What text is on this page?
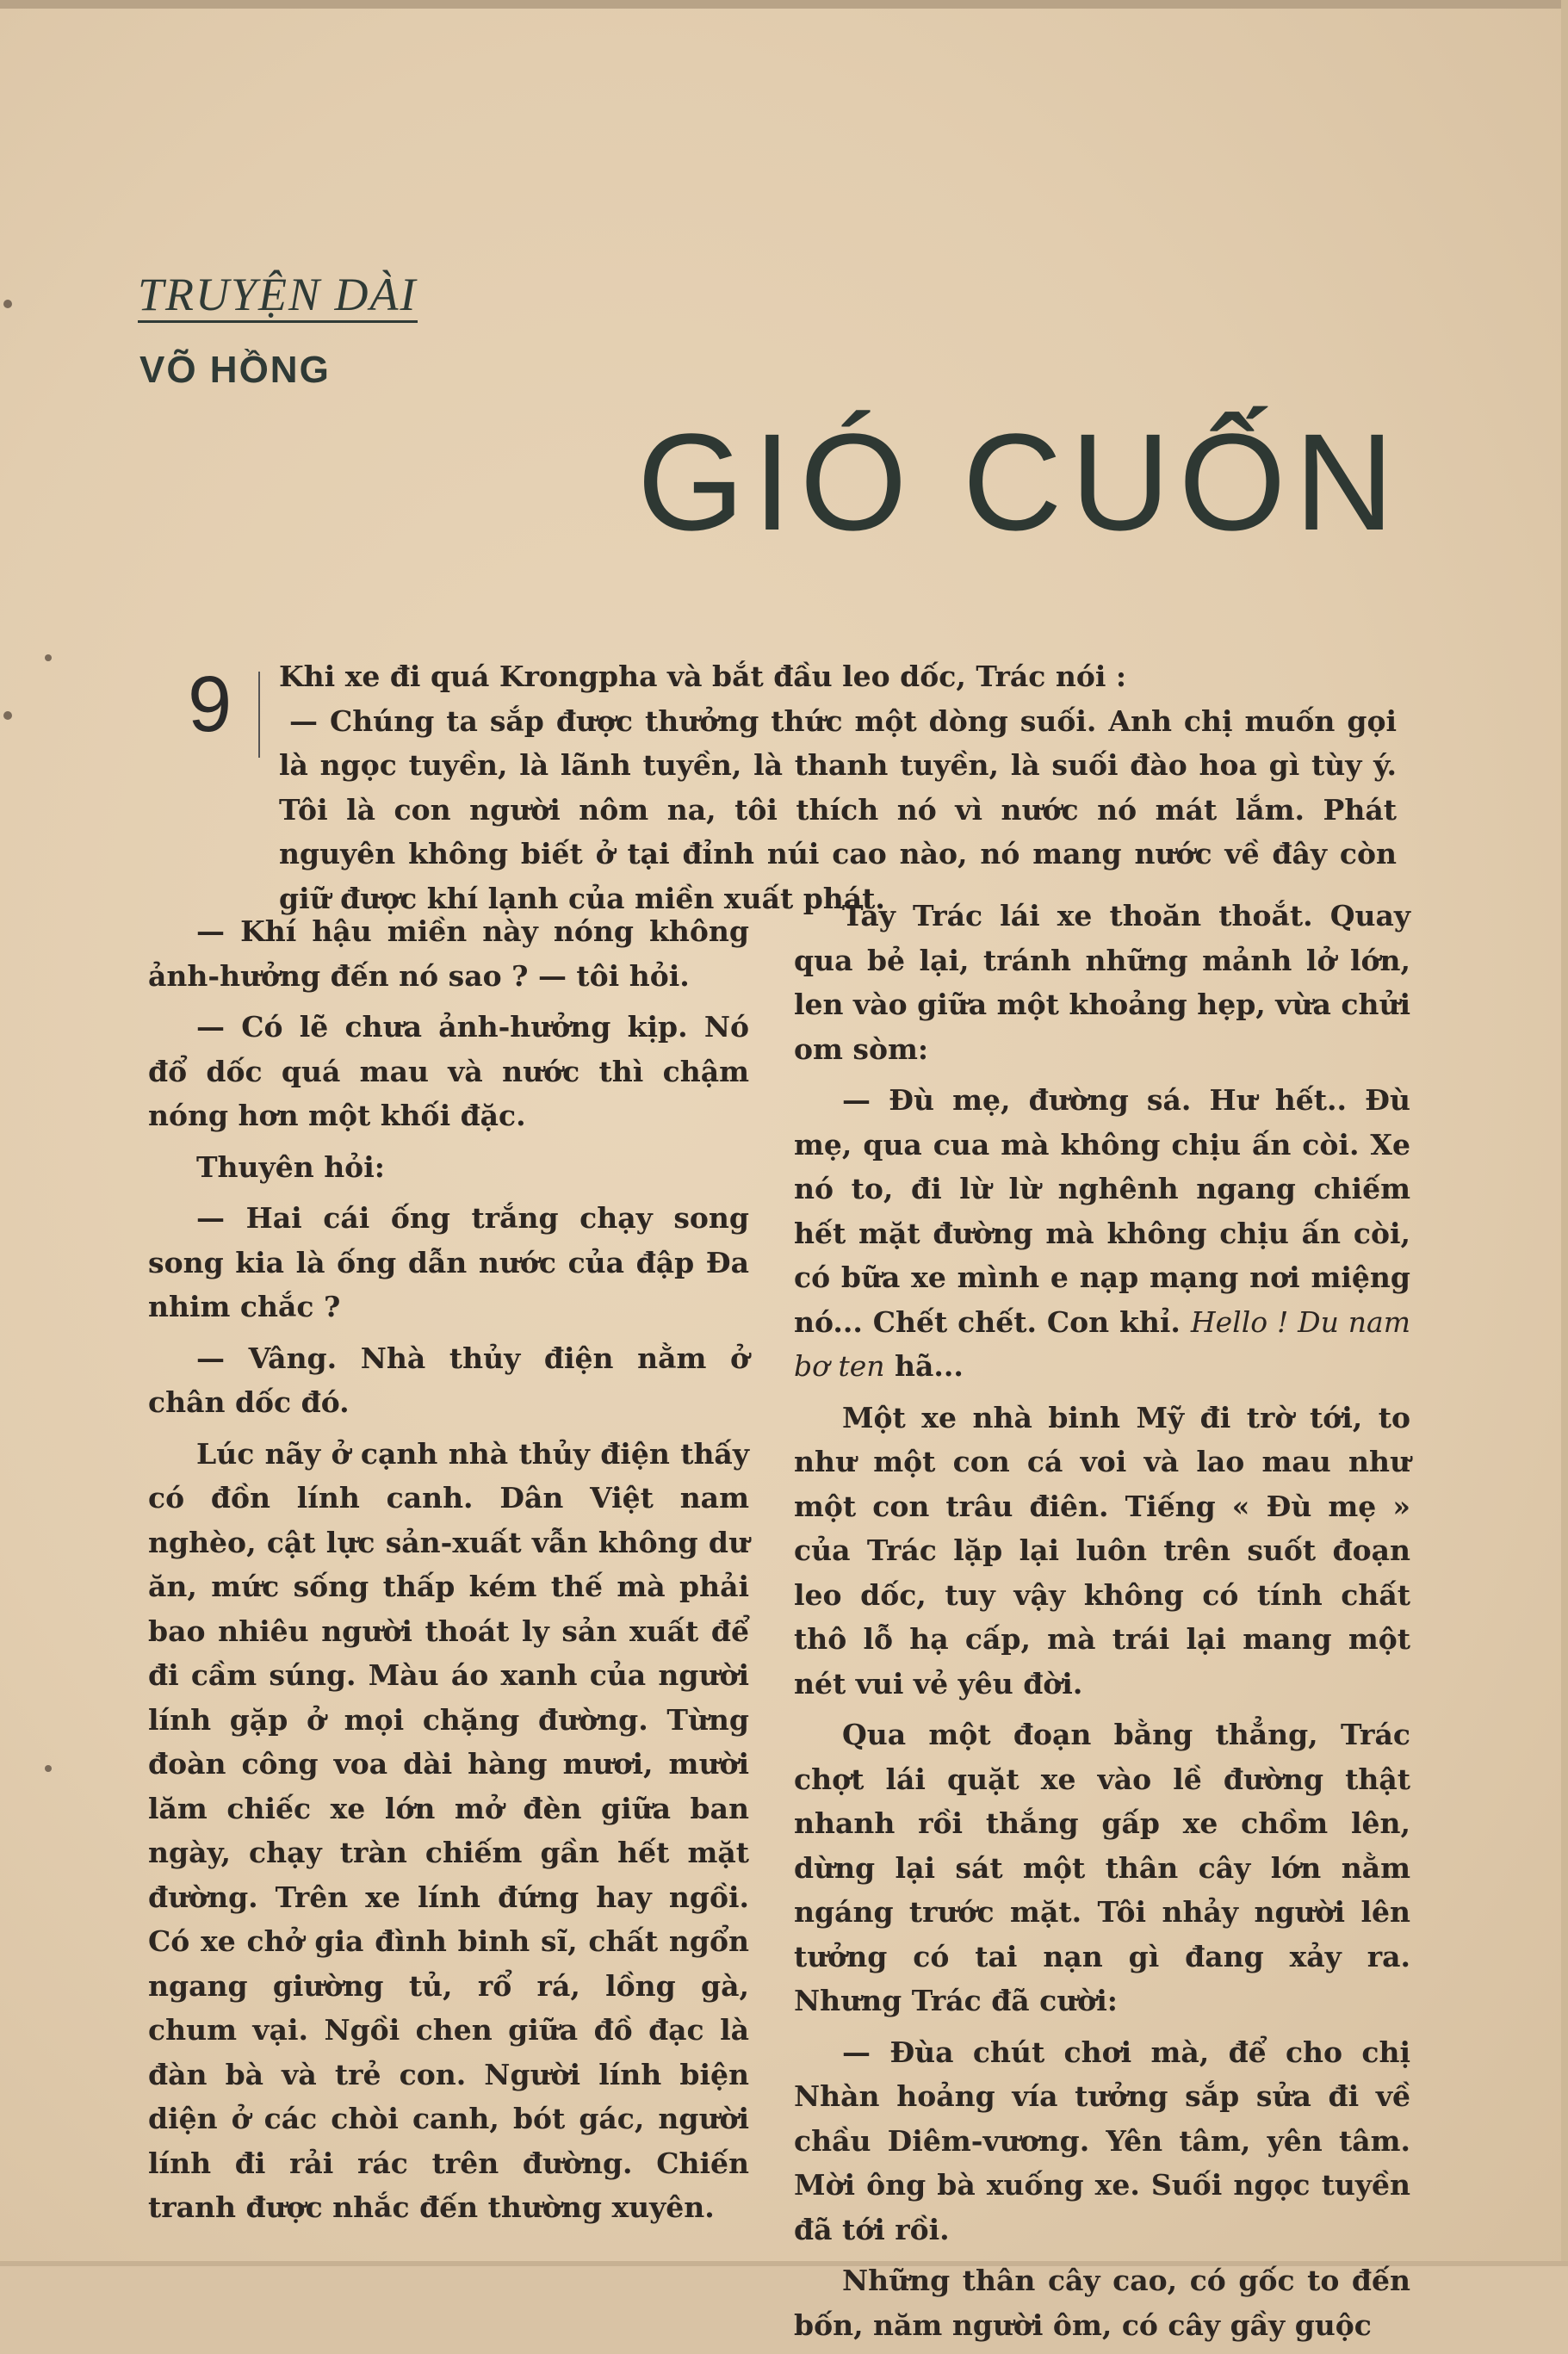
TRUYỆN DÀI
VÕ HỒNG
GIÓ CUỐN
9 Khi xe đi quá Krongpha và bắt đầu leo dốc, Trác nói :

— Chúng ta sắp được thưởng thức một dòng suối. Anh chị muốn gọi là ngọc tuyền, là lãnh tuyền, là thanh tuyền, là suối đào hoa gì tùy ý. Tôi là con người nôm na, tôi thích nó vì nước nó mát lắm. Phát nguyên không biết ở tại đỉnh núi cao nào, nó mang nước về đây còn giữ được khí lạnh của miền xuất phát.

— Khí hậu miền này nóng không ảnh-hưởng đến nó sao ? — tôi hỏi.

— Có lẽ chưa ảnh-hưởng kịp. Nó đổ dốc quá mau và nước thì chậm nóng hơn một khối đặc.

Thuyên hỏi:

— Hai cái ống trắng chạy song song kia là ống dẫn nước của đập Đa nhim chắc ?

— Vâng. Nhà thủy điện nằm ở chân dốc đó.

Lúc nãy ở cạnh nhà thủy điện thấy có đồn lính canh. Dân Việt nam nghèo, cật lực sản-xuất vẫn không dư ăn, mức sống thấp kém thế mà phải bao nhiêu người thoát ly sản xuất để đi cầm súng. Màu áo xanh của người lính gặp ở mọi chặng đường. Từng đoàn công voa dài hàng mươi, mười lăm chiếc xe lớn mở đèn giữa ban ngày, chạy tràn chiếm gần hết mặt đường. Trên xe lính đứng hay ngồi. Có xe chở gia đình binh sĩ, chất ngổn ngang giường tủ, rổ rá, lồng gà, chum vại. Ngồi chen giữa đồ đạc là đàn bà và trẻ con. Người lính biện diện ở các chòi canh, bót gác, người lính đi rải rác trên đường. Chiến tranh được nhắc đến thường xuyên.

Tay Trác lái xe thoăn thoắt. Quay qua bẻ lại, tránh những mảnh lở lớn, len vào giữa một khoảng hẹp, vừa chửi om sòm:

— Đù mẹ, đường sá. Hư hết.. Đù mẹ, qua cua mà không chịu ấn còi. Xe nó to, đi lừ lừ nghênh ngang chiếm hết mặt đường mà không chịu ấn còi, có bữa xe mình e nạp mạng nơi miệng nó... Chết chết. Con khỉ. Hello ! Du nam bơ ten hã...

Một xe nhà binh Mỹ đi trờ tới, to như một con cá voi và lao mau như một con trâu điên. Tiếng « Đù mẹ » của Trác lặp lại luôn trên suốt đoạn leo dốc, tuy vậy không có tính chất thô lỗ hạ cấp, mà trái lại mang một nét vui vẻ yêu đời.

Qua một đoạn bằng thẳng, Trác chợt lái quặt xe vào lề đường thật nhanh rồi thắng gấp xe chồm lên, dừng lại sát một thân cây lớn nằm ngáng trước mặt. Tôi nhảy người lên tưởng có tai nạn gì đang xảy ra. Nhưng Trác đã cười:

— Đùa chút chơi mà, để cho chị Nhàn hoảng vía tưởng sắp sửa đi về chầu Diêm-vương. Yên tâm, yên tâm. Mời ông bà xuống xe. Suối ngọc tuyền đã tới rồi.

Những thân cây cao, có gốc to đến bốn, năm người ôm, có cây gầy guộc
